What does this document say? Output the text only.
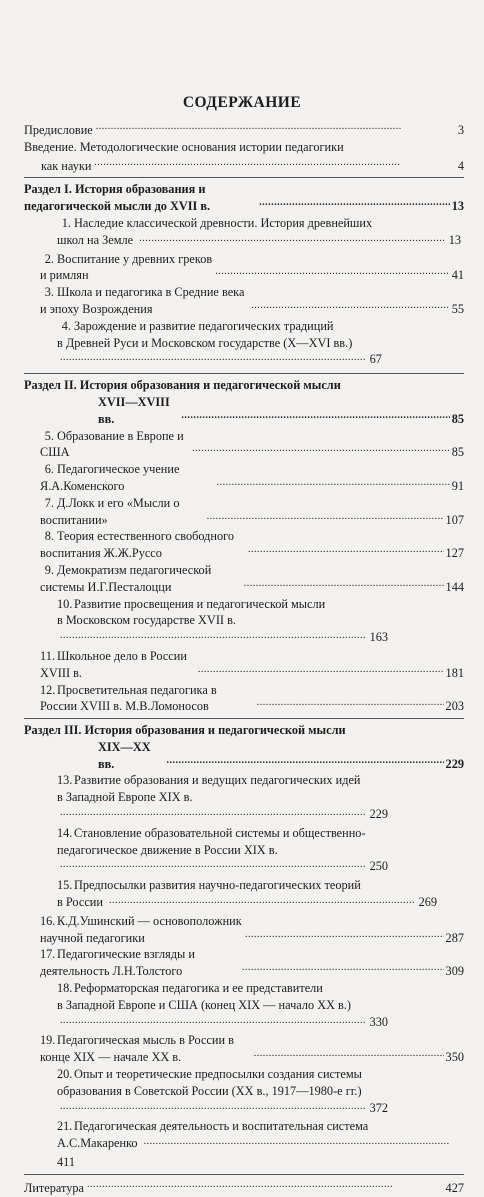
СОДЕРЖАНИЕ
Предисловие . . .	3
Введение. Методологические основания истории педагогики
как науки . . .	4
Раздел I. История образования и педагогической мысли до XVII в. . . .	13
1. Наследие классической древности. История древнейших
школ на Земле . . .	13
2. Воспитание у древних греков и римлян . . .	41
3. Школа и педагогика в Средние века и эпоху Возрождения . . .	55
4. Зарождение и развитие педагогических традиций
в Древней Руси и Московском государстве (X—XVI вв.) . . . 67
Раздел II. История образования и педагогической мысли
XVII—XVIII вв. . . .	85
5. Образование в Европе и США . . .	85
6. Педагогическое учение Я.А.Коменского . . .	91
7. Д.Локк и его «Мысли о воспитании» . . .	107
8. Теория естественного свободного воспитания Ж.Ж.Руссо . . .	127
9. Демократизм педагогической системы И.Г.Песталоцци . . .	144
10. Развитие просвещения и педагогической мысли
в Московском государстве XVII в. . . . 163
11. Школьное дело в России XVIII в. . . .	181
12. Просветительная педагогика в России XVIII в. М.В.Ломоносов . . .	203
Раздел III. История образования и педагогической мысли
XIX—XX вв. . . .	229
13. Развитие образования и ведущих педагогических идей
в Западной Европе XIX в. . . . 229
14. Становление образовательной системы и общественно-
педагогическое движение в России XIX в. . . . 250
15. Предпосылки развития научно-педагогических теорий
в России . . .	269
16. К.Д.Ушинский — основоположник научной педагогики . . .	287
17. Педагогические взгляды и деятельность Л.Н.Толстого . . .	309
18. Реформаторская педагогика и ее представители
в Западной Европе и США (конец XIX — начало XX в.) . . . 330
19. Педагогическая мысль в России в конце XIX — начале XX в. . . .	350
20. Опыт и теоретические предпосылки создания системы
образования в Советской России (XX в., 1917—1980-е гг.) . . . 372
21. Педагогическая деятельность и воспитательная система
А.С.Макаренко . . . 411
Литература . . .	427
